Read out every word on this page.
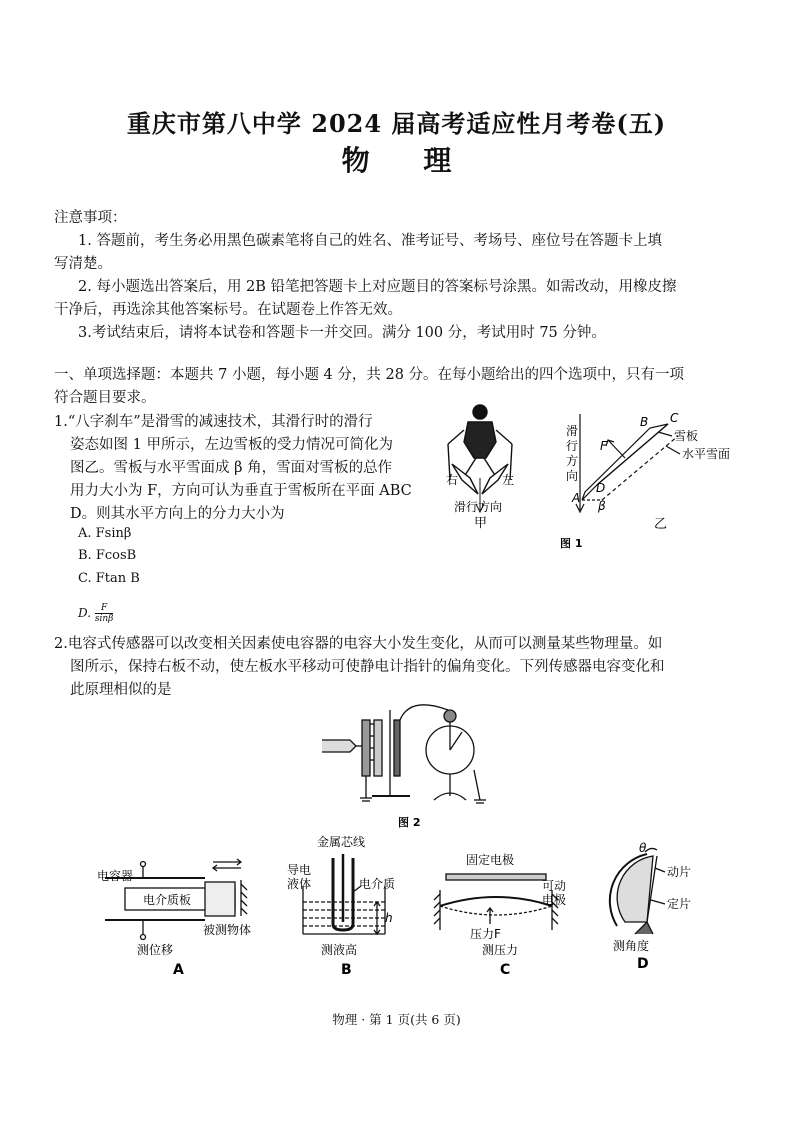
重庆市第八中学 2024 届高考适应性月考卷(五)
物 理
注意事项：
1. 答题前，考生务必用黑色碳素笔将自己的姓名、准考证号、考场号、座位号在答题卡上填
写清楚。
2. 每小题选出答案后，用 2B 铅笔把答题卡上对应题目的答案标号涂黑。如需改动，用橡皮擦
干净后，再选涂其他答案标号。在试题卷上作答无效。
3.考试结束后，请将本试卷和答题卡一并交回。满分 100 分，考试用时 75 分钟。
一、单项选择题：本题共 7 小题，每小题 4 分，共 28 分。在每小题给出的四个选项中，只有一项
符合题目要求。
1.“八字刹车”是滑雪的减速技术，其滑行时的滑行
姿态如图 1 甲所示，左边雪板的受力情况可简化为
图乙。雪板与水平雪面成 β 角，雪面对雪板的总作
用力大小为 F，方向可认为垂直于雪板所在平面 ABC
D。则其水平方向上的分力大小为
A. Fsinβ
B. FcosB
C. Ftan B
D. $\frac{F}{\sin\beta}$
右	左
滑行方向
甲
滑
行
方
向
A
B C
D
β
F
雪板
水平雪面
乙
图 1
2.电容式传感器可以改变相关因素使电容器的电容大小发生变化，从而可以测量某些物理量。如
图所示，保持右板不动，使左板水平移动可使静电计指针的偏角变化。下列传感器电容变化和
此原理相似的是
图 2
电容器
电介质板
被测物体
测位移
A
金属芯线
导电
液体	电介质
h
测液高
B
固定电极
可动
电极
压力F
测压力
C
θ
动片
定片
测角度
D
物理 · 第 1 页(共 6 页)
